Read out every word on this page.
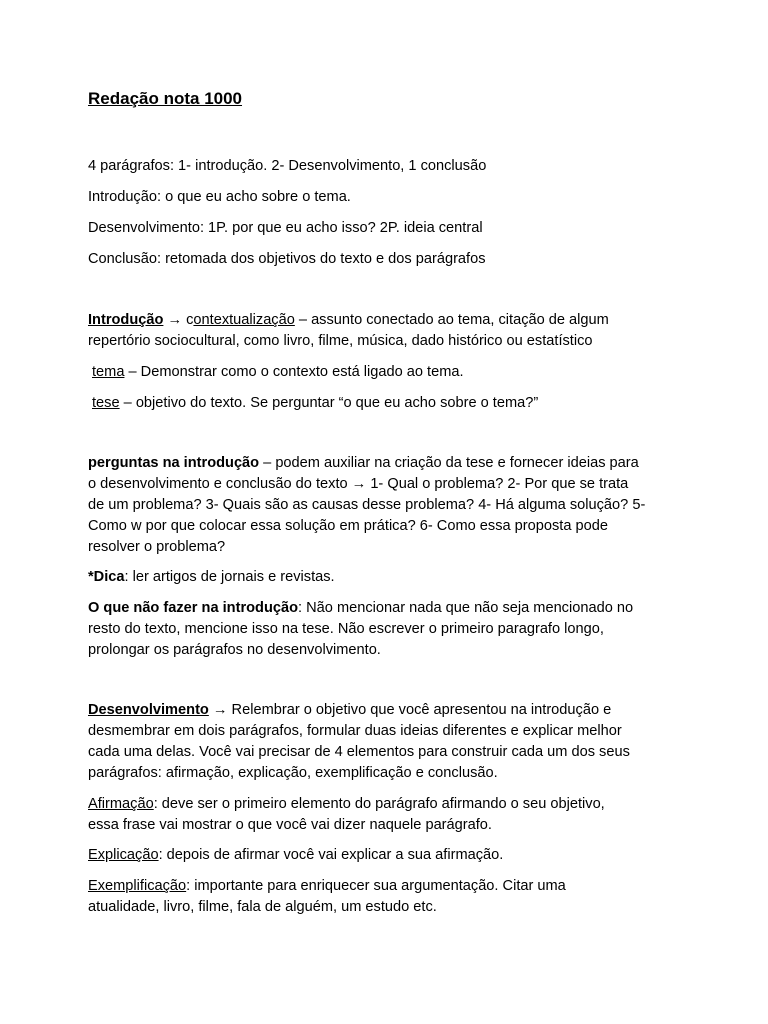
Redação nota 1000

4 parágrafos: 1- introdução. 2- Desenvolvimento, 1 conclusão

Introdução: o que eu acho sobre o tema.

Desenvolvimento: 1P. por que eu acho isso? 2P. ideia central

Conclusão: retomada dos objetivos do texto e dos parágrafos

Introdução → contextualização – assunto conectado ao tema, citação de algum

repertório sociocultural, como livro, filme, música, dado histórico ou estatístico

tema – Demonstrar como o contexto está ligado ao tema.

tese – objetivo do texto. Se perguntar “o que eu acho sobre o tema?”

perguntas na introdução – podem auxiliar na criação da tese e fornecer ideias para

o desenvolvimento e conclusão do texto → 1- Qual o problema? 2- Por que se trata

de um problema? 3- Quais são as causas desse problema? 4- Há alguma solução? 5-

Como w por que colocar essa solução em prática? 6- Como essa proposta pode

resolver o problema?

*Dica: ler artigos de jornais e revistas.

O que não fazer na introdução: Não mencionar nada que não seja mencionado no

resto do texto, mencione isso na tese. Não escrever o primeiro paragrafo longo,

prolongar os parágrafos no desenvolvimento.

Desenvolvimento → Relembrar o objetivo que você apresentou na introdução e

desmembrar em dois parágrafos, formular duas ideias diferentes e explicar melhor

cada uma delas. Você vai precisar de 4 elementos para construir cada um dos seus

parágrafos: afirmação, explicação, exemplificação e conclusão.

Afirmação: deve ser o primeiro elemento do parágrafo afirmando o seu objetivo,

essa frase vai mostrar o que você vai dizer naquele parágrafo.

Explicação: depois de afirmar você vai explicar a sua afirmação.

Exemplificação: importante para enriquecer sua argumentação. Citar uma

atualidade, livro, filme, fala de alguém, um estudo etc.
